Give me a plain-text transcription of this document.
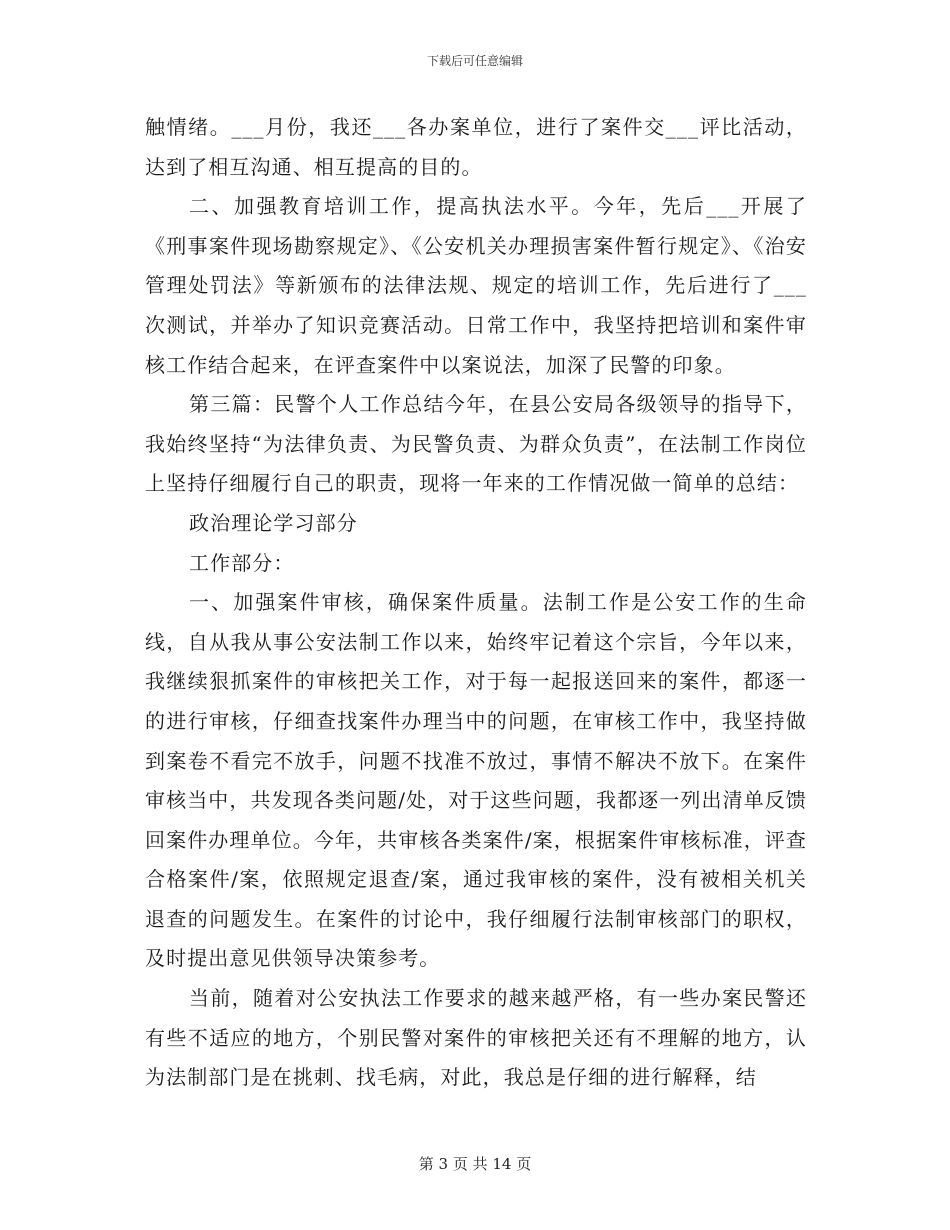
下载后可任意编辑

触情绪。___月份，我还___各办案单位，进行了案件交___评比活动，达到了相互沟通、相互提高的目的。

二、加强教育培训工作，提高执法水平。今年，先后___开展了《刑事案件现场勘察规定》、《公安机关办理损害案件暂行规定》、《治安管理处罚法》等新颁布的法律法规、规定的培训工作，先后进行了___次测试，并举办了知识竞赛活动。日常工作中，我坚持把培训和案件审核工作结合起来，在评查案件中以案说法，加深了民警的印象。

第三篇：民警个人工作总结今年，在县公安局各级领导的指导下，我始终坚持“为法律负责、为民警负责、为群众负责”，在法制工作岗位上坚持仔细履行自己的职责，现将一年来的工作情况做一简单的总结：

政治理论学习部分

工作部分：

一、加强案件审核，确保案件质量。法制工作是公安工作的生命线，自从我从事公安法制工作以来，始终牢记着这个宗旨，今年以来，我继续狠抓案件的审核把关工作，对于每一起报送回来的案件，都逐一的进行审核，仔细查找案件办理当中的问题，在审核工作中，我坚持做到案卷不看完不放手，问题不找准不放过，事情不解决不放下。在案件审核当中，共发现各类问题/处，对于这些问题，我都逐一列出清单反馈回案件办理单位。今年，共审核各类案件/案，根据案件审核标准，评查合格案件/案，依照规定退查/案，通过我审核的案件，没有被相关机关退查的问题发生。在案件的讨论中，我仔细履行法制审核部门的职权，及时提出意见供领导决策参考。

当前，随着对公安执法工作要求的越来越严格，有一些办案民警还有些不适应的地方，个别民警对案件的审核把关还有不理解的地方，认为法制部门是在挑刺、找毛病，对此，我总是仔细的进行解释，结

第 3 页 共 14 页
